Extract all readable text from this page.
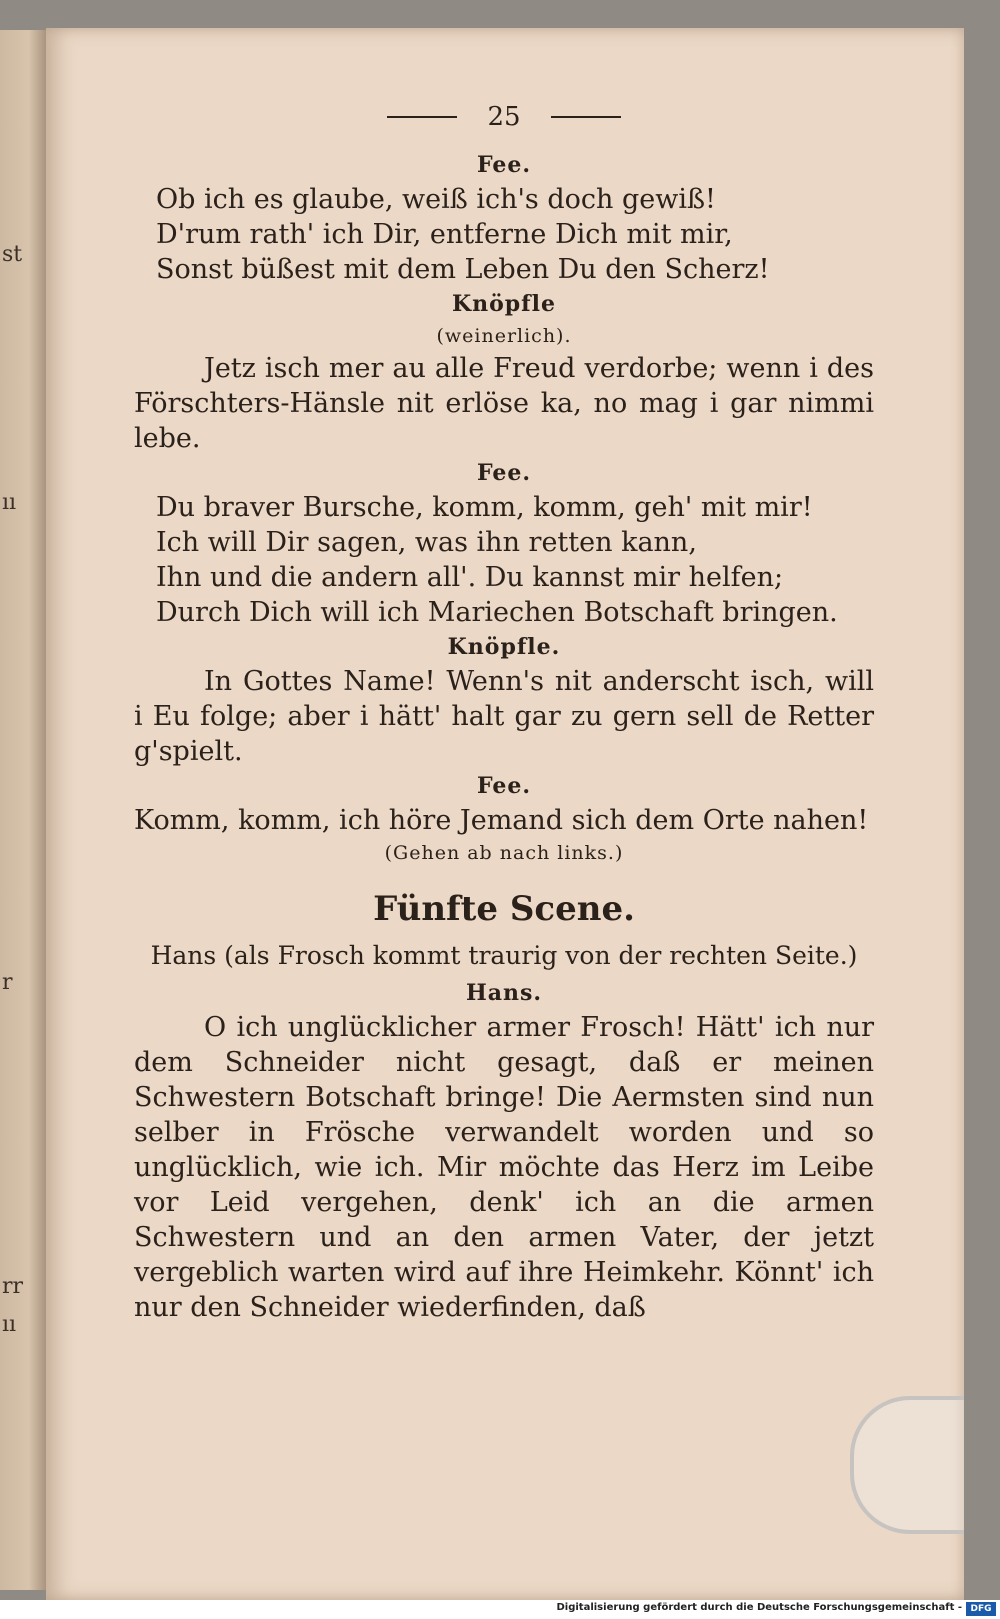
st
ıı
r
rr
ıı
25
Fee.
Ob ich es glaube, weiß ich's doch gewiß!
D'rum rath' ich Dir, entferne Dich mit mir,
Sonst büßest mit dem Leben Du den Scherz!
Knöpfle
(weinerlich).
Jetz isch mer au alle Freud verdorbe; wenn i des Förschters-Hänsle nit erlöse ka, no mag i gar nimmi lebe.
Fee.
Du braver Bursche, komm, komm, geh' mit mir!
Ich will Dir sagen, was ihn retten kann,
Ihn und die andern all'. Du kannst mir helfen;
Durch Dich will ich Mariechen Botschaft bringen.
Knöpfle.
In Gottes Name! Wenn's nit anderscht isch, will i Eu folge; aber i hätt' halt gar zu gern sell de Retter g'spielt.
Fee.
Komm, komm, ich höre Jemand sich dem Orte nahen!
(Gehen ab nach links.)
Fünfte Scene.
Hans (als Frosch kommt traurig von der rechten Seite.)
Hans.
O ich unglücklicher armer Frosch! Hätt' ich nur dem Schneider nicht gesagt, daß er meinen Schwestern Botschaft bringe! Die Aermsten sind nun selber in Frösche verwandelt worden und so unglücklich, wie ich. Mir möchte das Herz im Leibe vor Leid vergehen, denk' ich an die armen Schwestern und an den armen Vater, der jetzt vergeblich warten wird auf ihre Heimkehr. Könnt' ich nur den Schneider wiederfinden, daß
Digitalisierung gefördert durch die Deutsche Forschungsgemeinschaft - DFG
